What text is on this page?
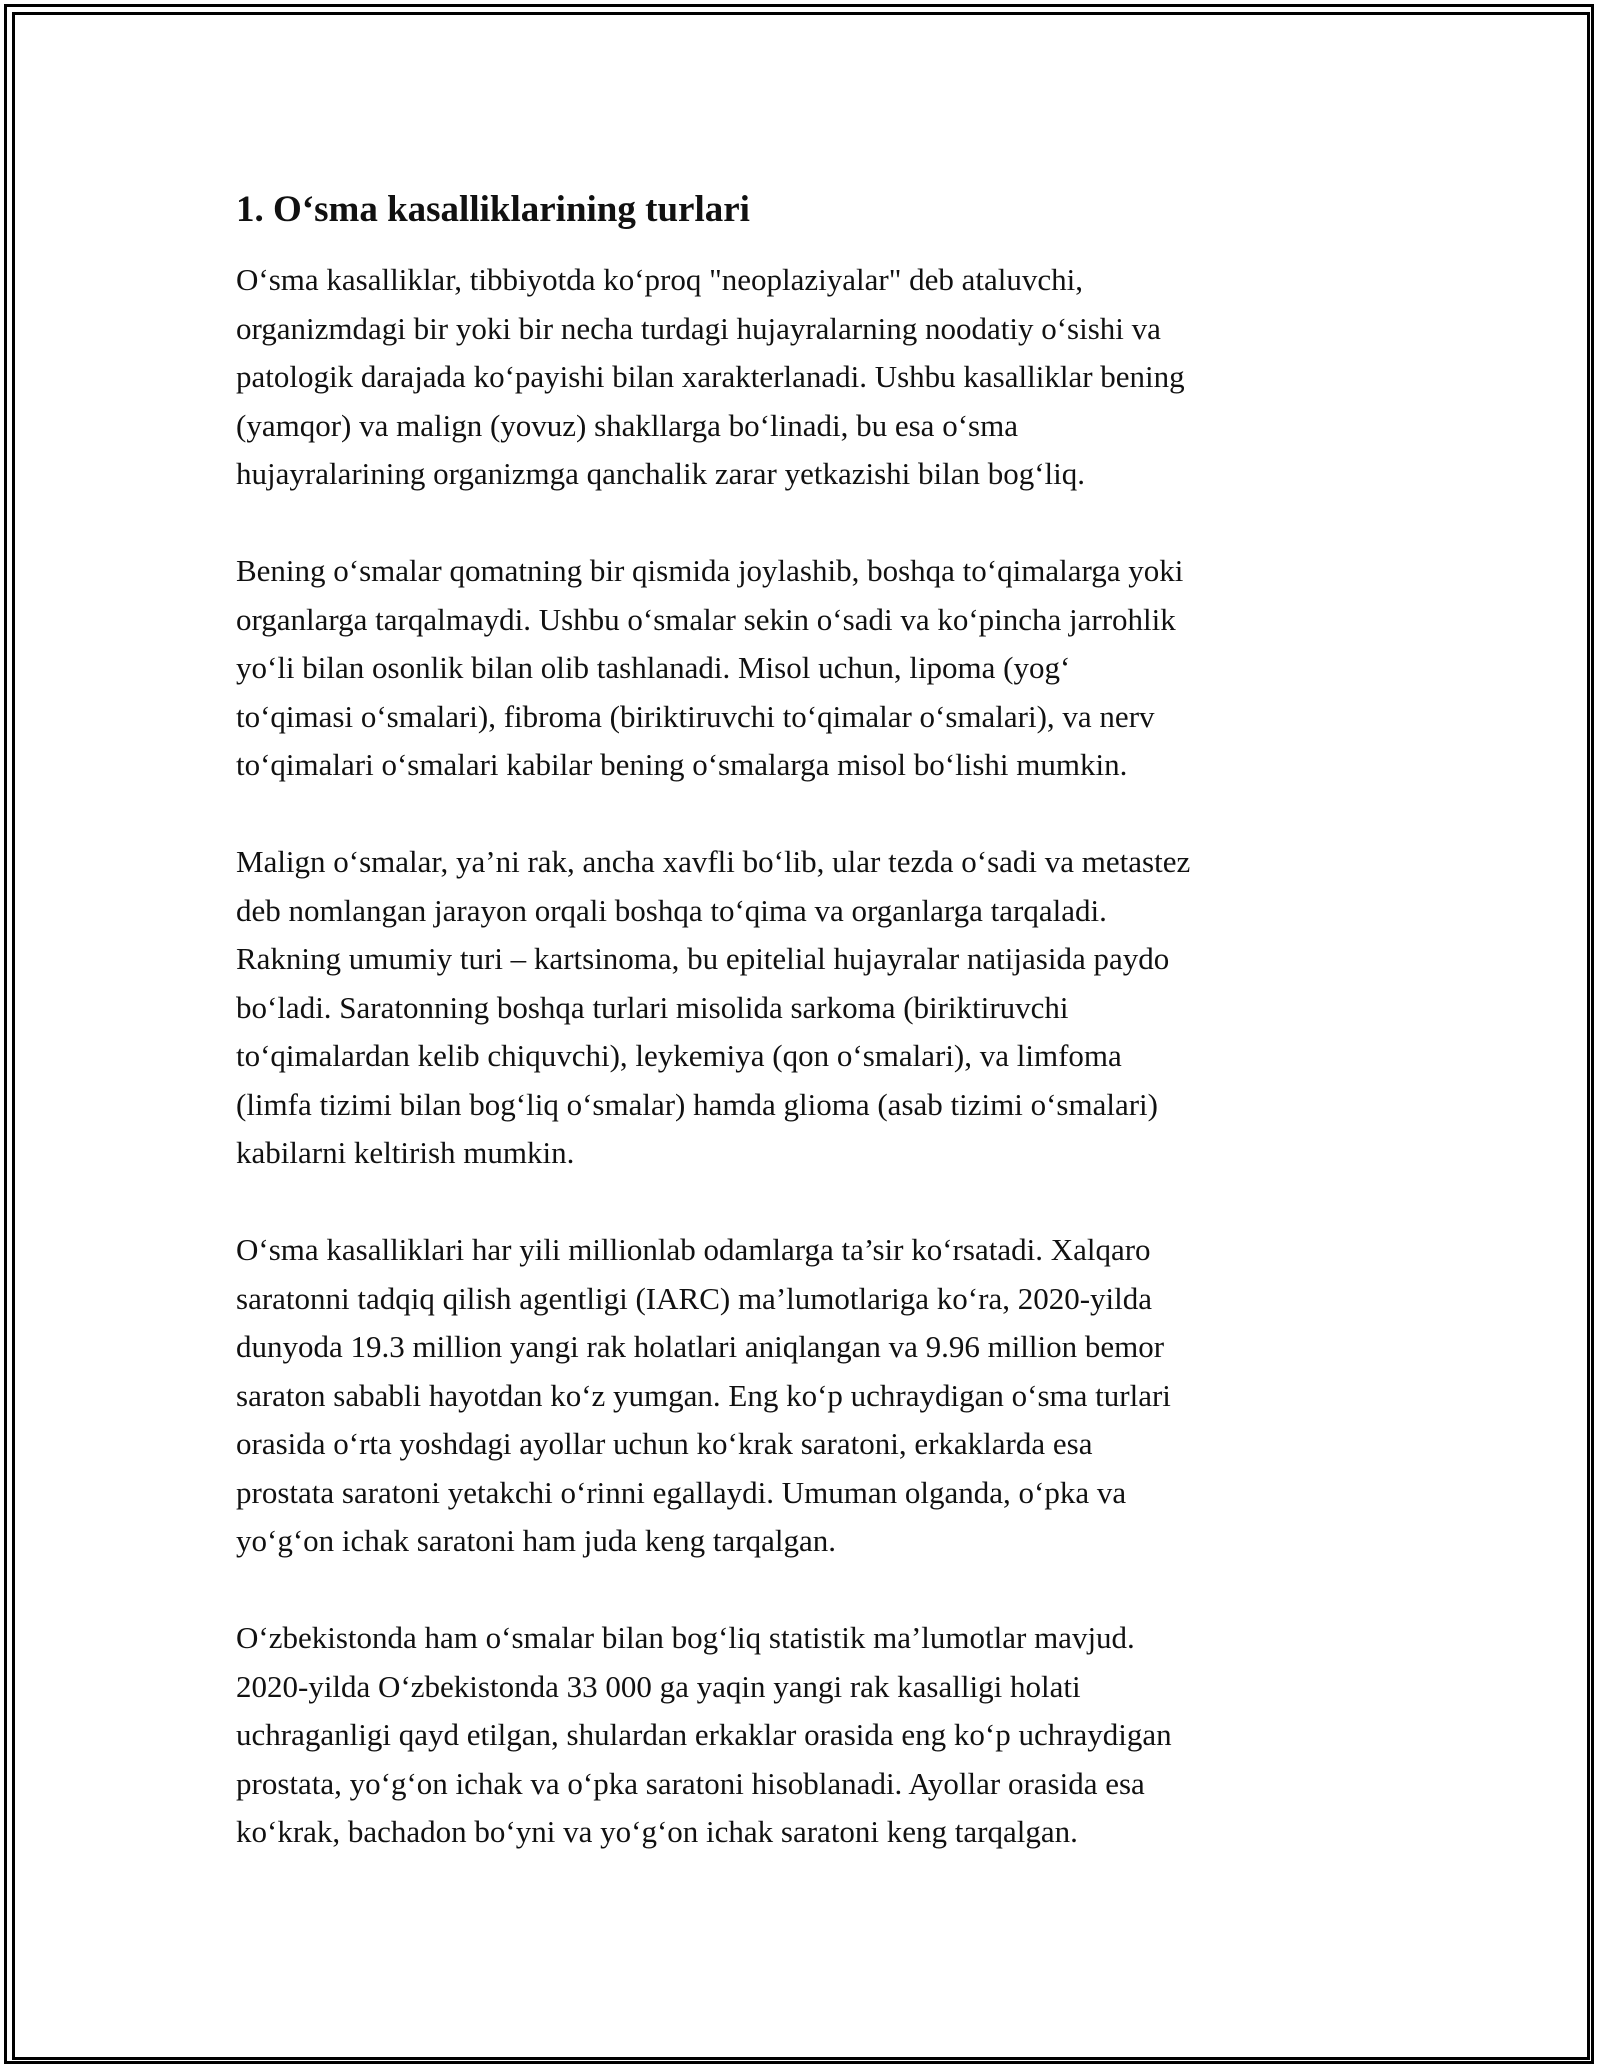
1. O‘sma kasalliklarining turlari

O‘sma kasalliklar, tibbiyotda ko‘proq "neoplaziyalar" deb ataluvchi,
organizmdagi bir yoki bir necha turdagi hujayralarning noodatiy o‘sishi va
patologik darajada ko‘payishi bilan xarakterlanadi. Ushbu kasalliklar bening
(yamqor) va malign (yovuz) shakllarga bo‘linadi, bu esa o‘sma
hujayralarining organizmga qanchalik zarar yetkazishi bilan bog‘liq.

Bening o‘smalar qomatning bir qismida joylashib, boshqa to‘qimalarga yoki
organlarga tarqalmaydi. Ushbu o‘smalar sekin o‘sadi va ko‘pincha jarrohlik
yo‘li bilan osonlik bilan olib tashlanadi. Misol uchun, lipoma (yog‘
to‘qimasi o‘smalari), fibroma (biriktiruvchi to‘qimalar o‘smalari), va nerv
to‘qimalari o‘smalari kabilar bening o‘smalarga misol bo‘lishi mumkin.

Malign o‘smalar, ya’ni rak, ancha xavfli bo‘lib, ular tezda o‘sadi va metastez
deb nomlangan jarayon orqali boshqa to‘qima va organlarga tarqaladi.
Rakning umumiy turi – kartsinoma, bu epitelial hujayralar natijasida paydo
bo‘ladi. Saratonning boshqa turlari misolida sarkoma (biriktiruvchi
to‘qimalardan kelib chiquvchi), leykemiya (qon o‘smalari), va limfoma
(limfa tizimi bilan bog‘liq o‘smalar) hamda glioma (asab tizimi o‘smalari)
kabilarni keltirish mumkin.

O‘sma kasalliklari har yili millionlab odamlarga ta’sir ko‘rsatadi. Xalqaro
saratonni tadqiq qilish agentligi (IARC) ma’lumotlariga ko‘ra, 2020-yilda
dunyoda 19.3 million yangi rak holatlari aniqlangan va 9.96 million bemor
saraton sababli hayotdan ko‘z yumgan. Eng ko‘p uchraydigan o‘sma turlari
orasida o‘rta yoshdagi ayollar uchun ko‘krak saratoni, erkaklarda esa
prostata saratoni yetakchi o‘rinni egallaydi. Umuman olganda, o‘pka va
yo‘g‘on ichak saratoni ham juda keng tarqalgan.

O‘zbekistonda ham o‘smalar bilan bog‘liq statistik ma’lumotlar mavjud.
2020-yilda O‘zbekistonda 33 000 ga yaqin yangi rak kasalligi holati
uchraganligi qayd etilgan, shulardan erkaklar orasida eng ko‘p uchraydigan
prostata, yo‘g‘on ichak va o‘pka saratoni hisoblanadi. Ayollar orasida esa
ko‘krak, bachadon bo‘yni va yo‘g‘on ichak saratoni keng tarqalgan.
